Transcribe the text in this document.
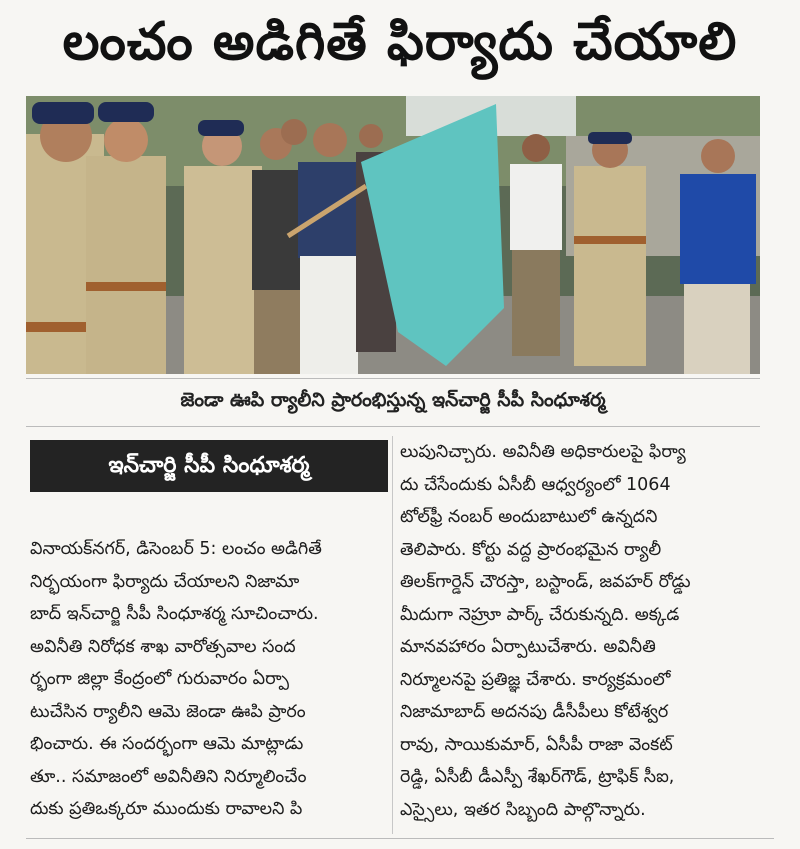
లంచం అడిగితే ఫిర్యాదు చేయాలి
జెండా ఊపి ర్యాలీని ప్రారంభిస్తున్న ఇన్‌చార్జి సీపీ సింధూశర్మ
ఇన్‌చార్జి సీపీ సింధూశర్మ
వినాయక్‌నగర్, డిసెంబర్ 5: లంచం అడిగితే
నిర్భయంగా ఫిర్యాదు చేయాలని నిజామా
బాద్ ఇన్‌చార్జి సీపీ సింధూశర్మ సూచించారు.
అవినీతి నిరోధక శాఖ వారోత్సవాల సంద
ర్భంగా జిల్లా కేంద్రంలో గురువారం ఏర్పా
టుచేసిన ర్యాలీని ఆమె జెండా ఊపి ప్రారం
భించారు. ఈ సందర్భంగా ఆమె మాట్లాడు
తూ.. సమాజంలో అవినీతిని నిర్మూలించేం
దుకు ప్రతిఒక్కరూ ముందుకు రావాలని పి
లుపునిచ్చారు. అవినీతి అధికారులపై ఫిర్యా
దు చేసేందుకు ఏసీబీ ఆధ్వర్యంలో 1064
టోల్‌ఫ్రీ నంబర్ అందుబాటులో ఉన్నదని
తెలిపారు. కోర్టు వద్ద ప్రారంభమైన ర్యాలీ
తిలక్‌గార్డెన్ చౌరస్తా, బస్టాండ్, జవహర్ రోడ్డు
మీదుగా నెహ్రూ పార్క్ చేరుకున్నది. అక్కడ
మానవహారం ఏర్పాటుచేశారు. అవినీతి
నిర్మూలనపై ప్రతిజ్ఞ చేశారు. కార్యక్రమంలో
నిజామాబాద్ అదనపు డీసీపీలు కోటేశ్వర
రావు, సాయికుమార్, ఏసీపీ రాజా వెంకట్
రెడ్డి, ఏసీబీ డీఎస్పీ శేఖర్‌గౌడ్, ట్రాఫిక్ సీఐ,
ఎస్సైలు, ఇతర సిబ్బంది పాల్గొన్నారు.
